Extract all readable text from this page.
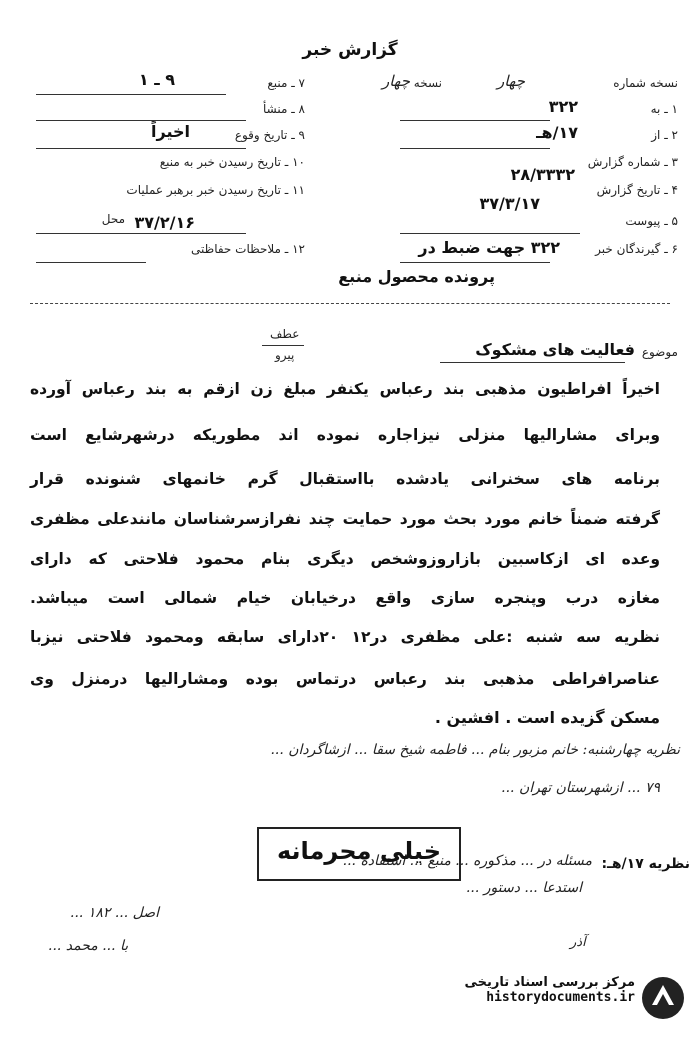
گزارش خبر
نسخه شماره
چهار نسخه	چهار
۱ ـ به
۳۲۲
۲ ـ از
۱۷/هـ
۳ ـ شماره گزارش
۲۸/۳۳۳۲
۴ ـ تاریخ گزارش
۳۷/۳/۱۷
۵ ـ پیوست
۶ ـ گیرندگان خبر
۳۲۲ جهت ضبط در
پرونده محصول منبع
۷ ـ منبع
۹ ـ ۱
۸ ـ منشأ
۹ ـ تاریخ وقوع
اخیراً
۱۰ ـ تاریخ رسیدن خبر به منبع
۱۱ ـ تاریخ رسیدن خبر برهبر عملیات
محل ۳۷/۲/۱۶
۱۲ ـ ملاحظات حفاظتی
موضوع
فعالیت های مشکوک
عطف
پیرو
اخیراً افراطیون مذهبی بند رعباس یکنفر مبلغ زن ازقم به بند رعباس آورده
وبرای مشارالیها منزلی نیزاجاره نموده اند مطوریکه درشهرشایع است
برنامه های سخنرانی یادشده بااستقبال گرم خانمهای شنونده قرار
گرفته ضمناً خانم مورد بحث مورد حمایت چند نفرازسرشناسان مانندعلی مظفری
وعده ای ازکاسبین بازاروزوشخص دیگری بنام محمود فلاحتی که دارای
مغازه درب وپنجره سازی واقع درخیابان خیام شمالی است میباشد.
نظریه سه شنبه :علی مظفری در۱۲ ۲۰دارای سابقه ومحمود فلاحتی نیزبا
عناصرافراطی مذهبی بند رعباس درتماس بوده ومشارالیها درمنزل وی
مسکن گزیده است . افشین .
نظریه چهارشنبه: خانم مزبور بنام ... فاطمه شیخ سقا ... ازشاگردان ...
۷۹ ... ازشهرستان تهران ...
نظریه ۱۷/هـ:
مسئله در ... مذکوره ... منبع ... استفاده ...
استدعا ... دستور ...
اصل ... ۱۸۲ ...
با ... محمد ...	آذر
خیلی محرمانه
مرکز بررسی اسناد تاریخی
historydocuments.ir
